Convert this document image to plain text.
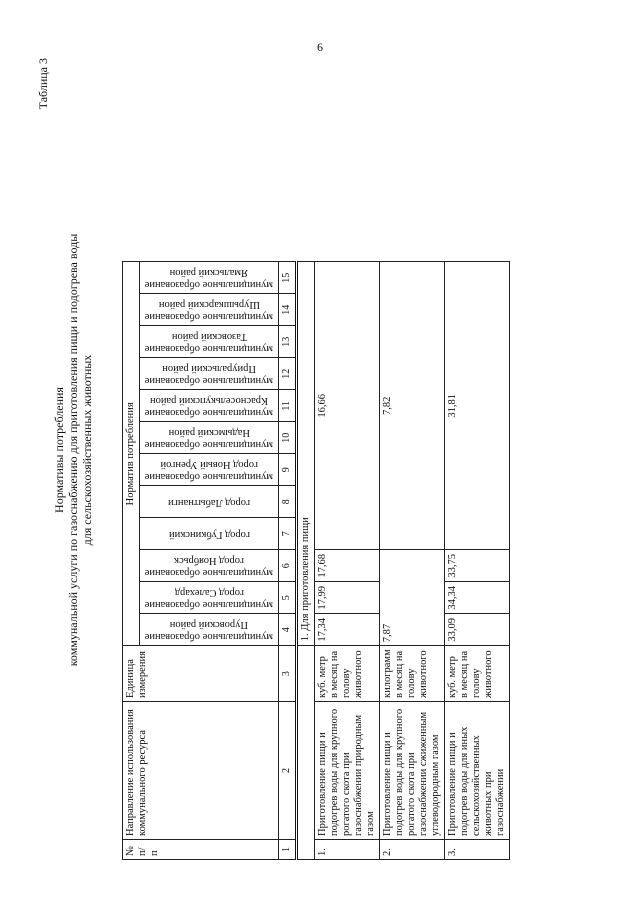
6
Таблица 3
Нормативы потребления коммунальной услуги по газоснабжению для приготовления пищи и подогрева воды для сельскохозяйственных животных
№ п/п	Направление использования коммунального ресурса	Единица измерения	Норматив потребления											

			муниципальное образование Пуровский район	муниципальное образование город Салехард	муниципальное образование город Ноябрьск	город Губкинский	город Лабытнанги	муниципальное образование город Новый Уренгой	муниципальное образование Надымский район	муниципальное образование Красноселькупский район	муниципальное образование Приуральский район	муниципальное образование Тазовский район	муниципальное образование Шурышкарский район	муниципальное образование Ямальский район

1	2	3	4	5	6	7	8	9	10	11	12	13	14	15
			1. Для приготовления пищи											
1.	Приготовление пищи и подогрев воды для крупного рогатого скота при газоснабжении природным газом	куб. метр в месяц на голову животного	17,34	17,99	17,68	16,66								
2.	Приготовление пищи и подогрев воды для крупного рогатого скота при газоснабжении сжиженным углеводородным газом	килограмм в месяц на голову животного	7,87			7,82								
3.	Приготовление пищи и подогрев воды для иных сельскохозяйственных животных при газоснабжении	куб. метр в месяц на голову животного	33,09	34,34	33,75	31,81								
